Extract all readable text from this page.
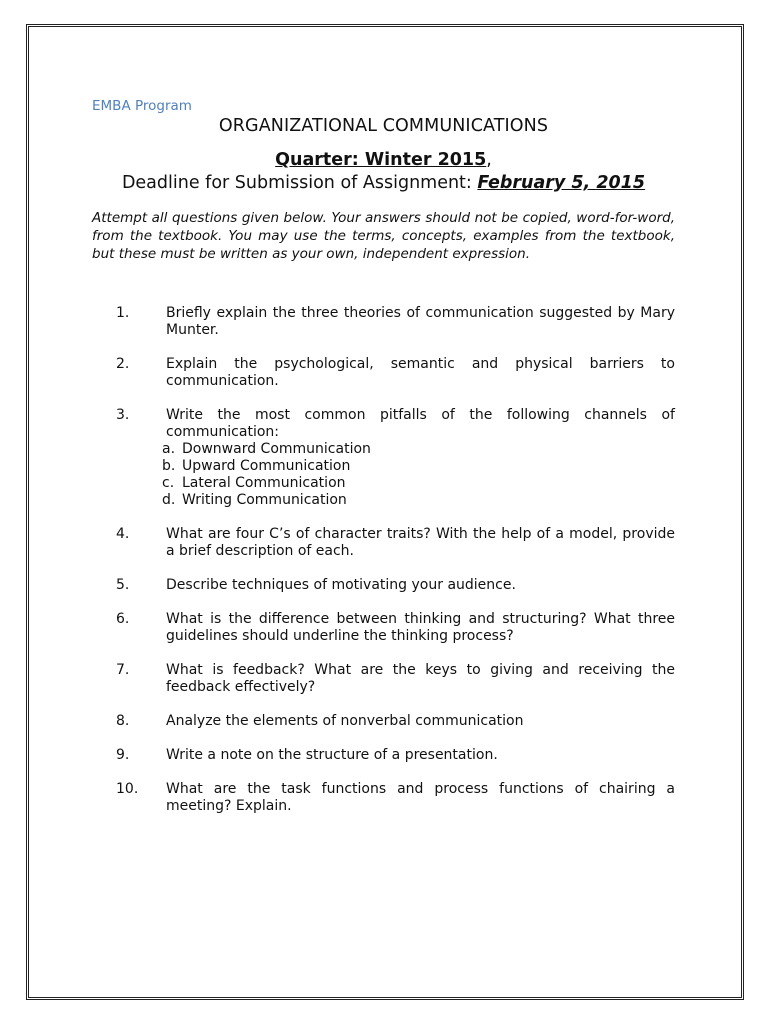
EMBA Program

ORGANIZATIONAL COMMUNICATIONS

Quarter: Winter 2015,
Deadline for Submission of Assignment: February 5, 2015

Attempt all questions given below. Your answers should not be copied, word-for-word, from the textbook. You may use the terms, concepts, examples from the textbook, but these must be written as your own, independent expression.

1.	Briefly explain the three theories of communication suggested by Mary Munter.
2.	Explain the psychological, semantic and physical barriers to communication.
3.	Write the most common pitfalls of the following channels of communication:
a. Downward Communication
b. Upward Communication
c. Lateral Communication
d. Writing Communication
4.	What are four C’s of character traits? With the help of a model, provide a brief description of each.
5.	Describe techniques of motivating your audience.
6.	What is the difference between thinking and structuring? What three guidelines should underline the thinking process?
7.	What is feedback? What are the keys to giving and receiving the feedback effectively?
8.	Analyze the elements of nonverbal communication
9.	Write a note on the structure of a presentation.
10. What are the task functions and process functions of chairing a meeting? Explain.
